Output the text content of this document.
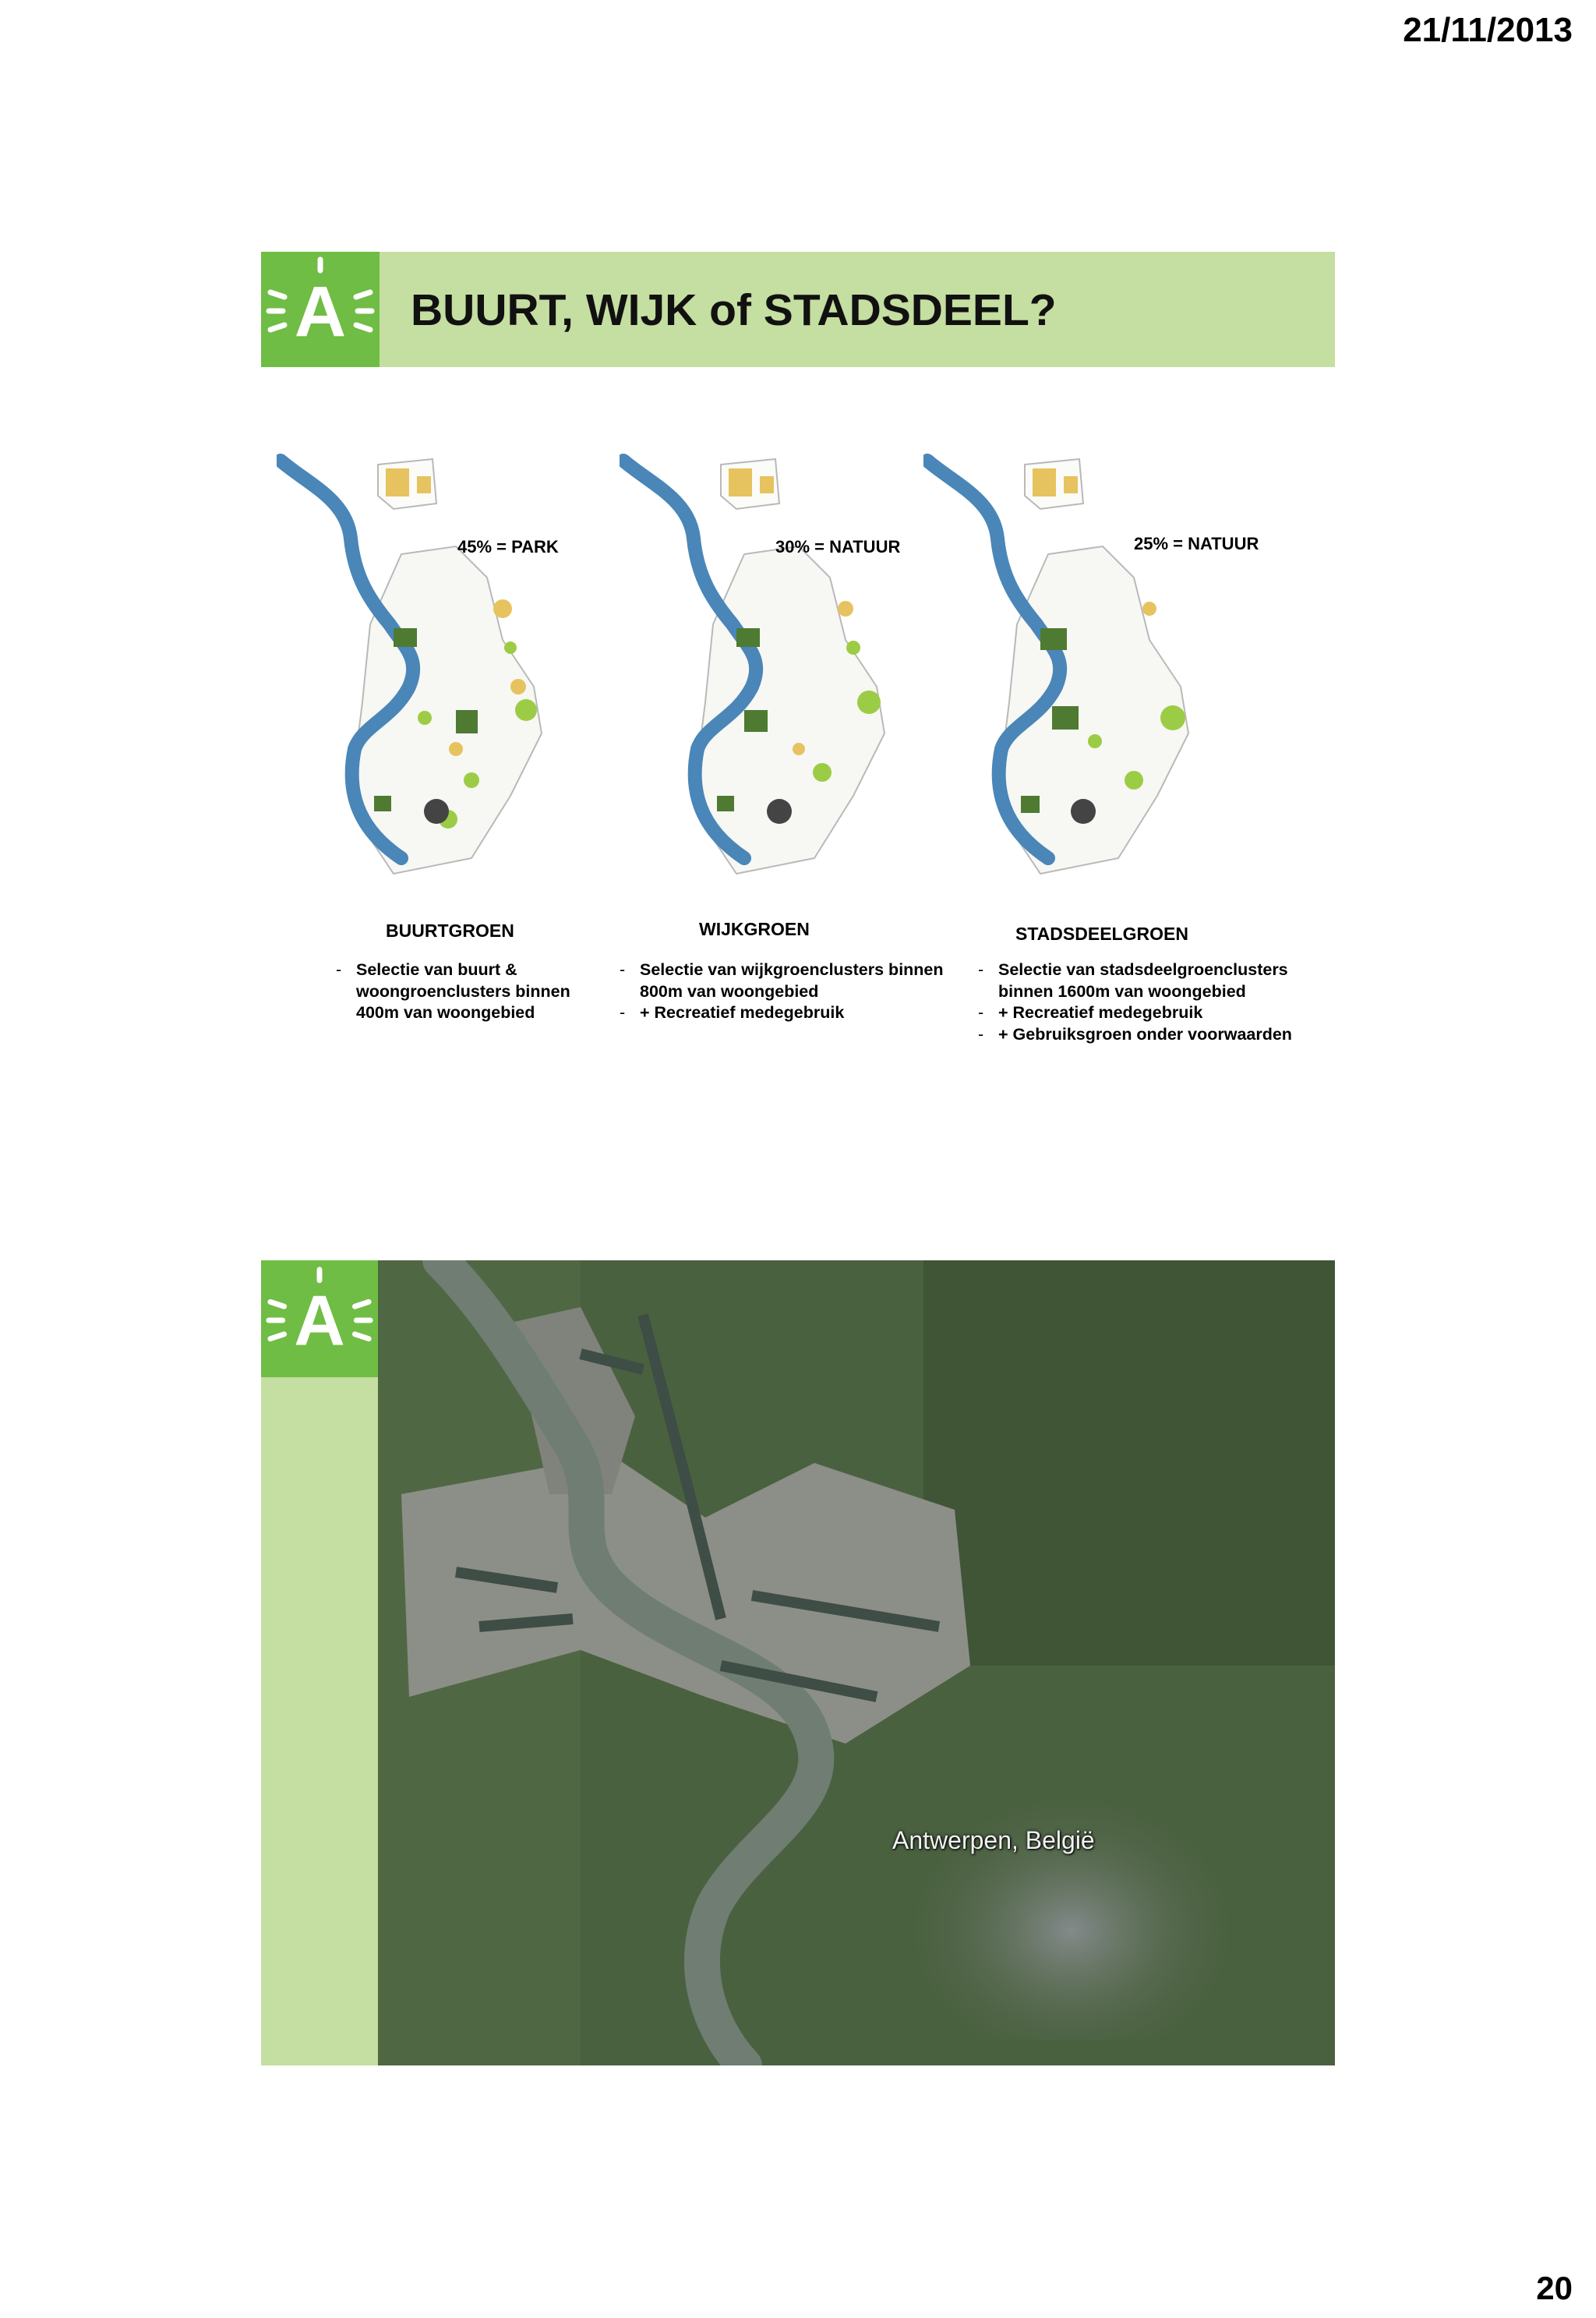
21/11/2013
A BUURT, WIJK of STADSDEEL?
45% = PARK
BUURTGROEN
- Selectie van buurt & woongroenclusters binnen 400m van woongebied
30% = NATUUR
WIJKGROEN
- Selectie van wijkgroenclusters binnen 800m van woongebied
- + Recreatief medegebruik
25% = NATUUR
STADSDEELGROEN
- Selectie van stadsdeelgroenclusters binnen 1600m van woongebied
- + Recreatief medegebruik
- + Gebruiksgroen onder voorwaarden
A
Antwerpen, België
20
